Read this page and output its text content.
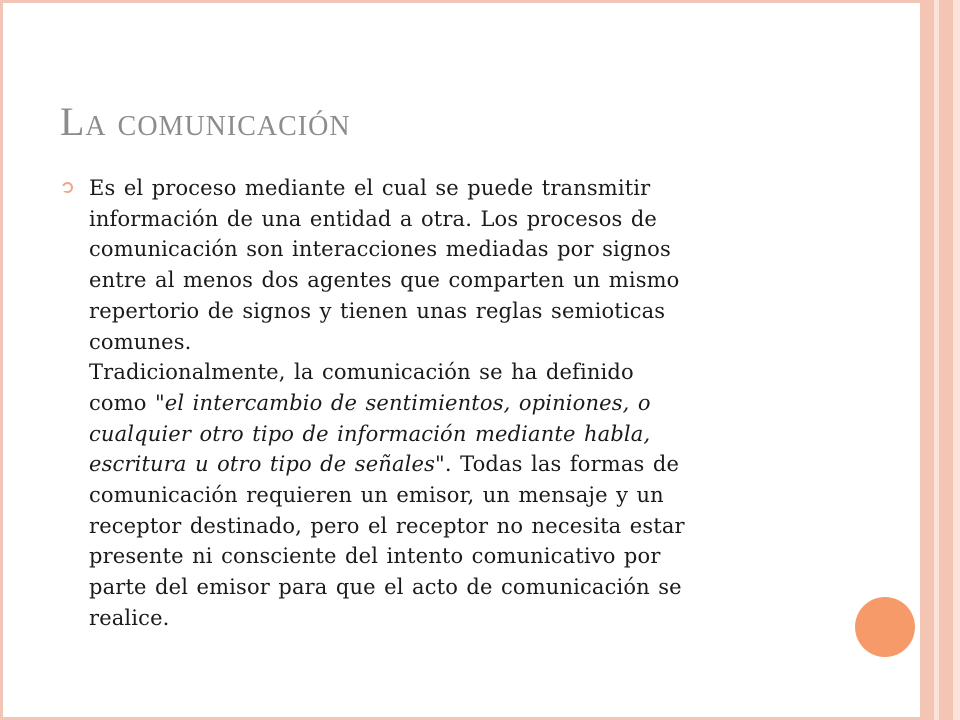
La comunicación

Es el proceso mediante el cual se puede transmitir
información de una entidad a otra. Los procesos de
comunicación son interacciones mediadas por signos
entre al menos dos agentes que comparten un mismo
repertorio de signos y tienen unas reglas semioticas
comunes.
Tradicionalmente, la comunicación se ha definido
como "el intercambio de sentimientos, opiniones, o
cualquier otro tipo de información mediante habla,
escritura u otro tipo de señales". Todas las formas de
comunicación requieren un emisor, un mensaje y un
receptor destinado, pero el receptor no necesita estar
presente ni consciente del intento comunicativo por
parte del emisor para que el acto de comunicación se
realice.
